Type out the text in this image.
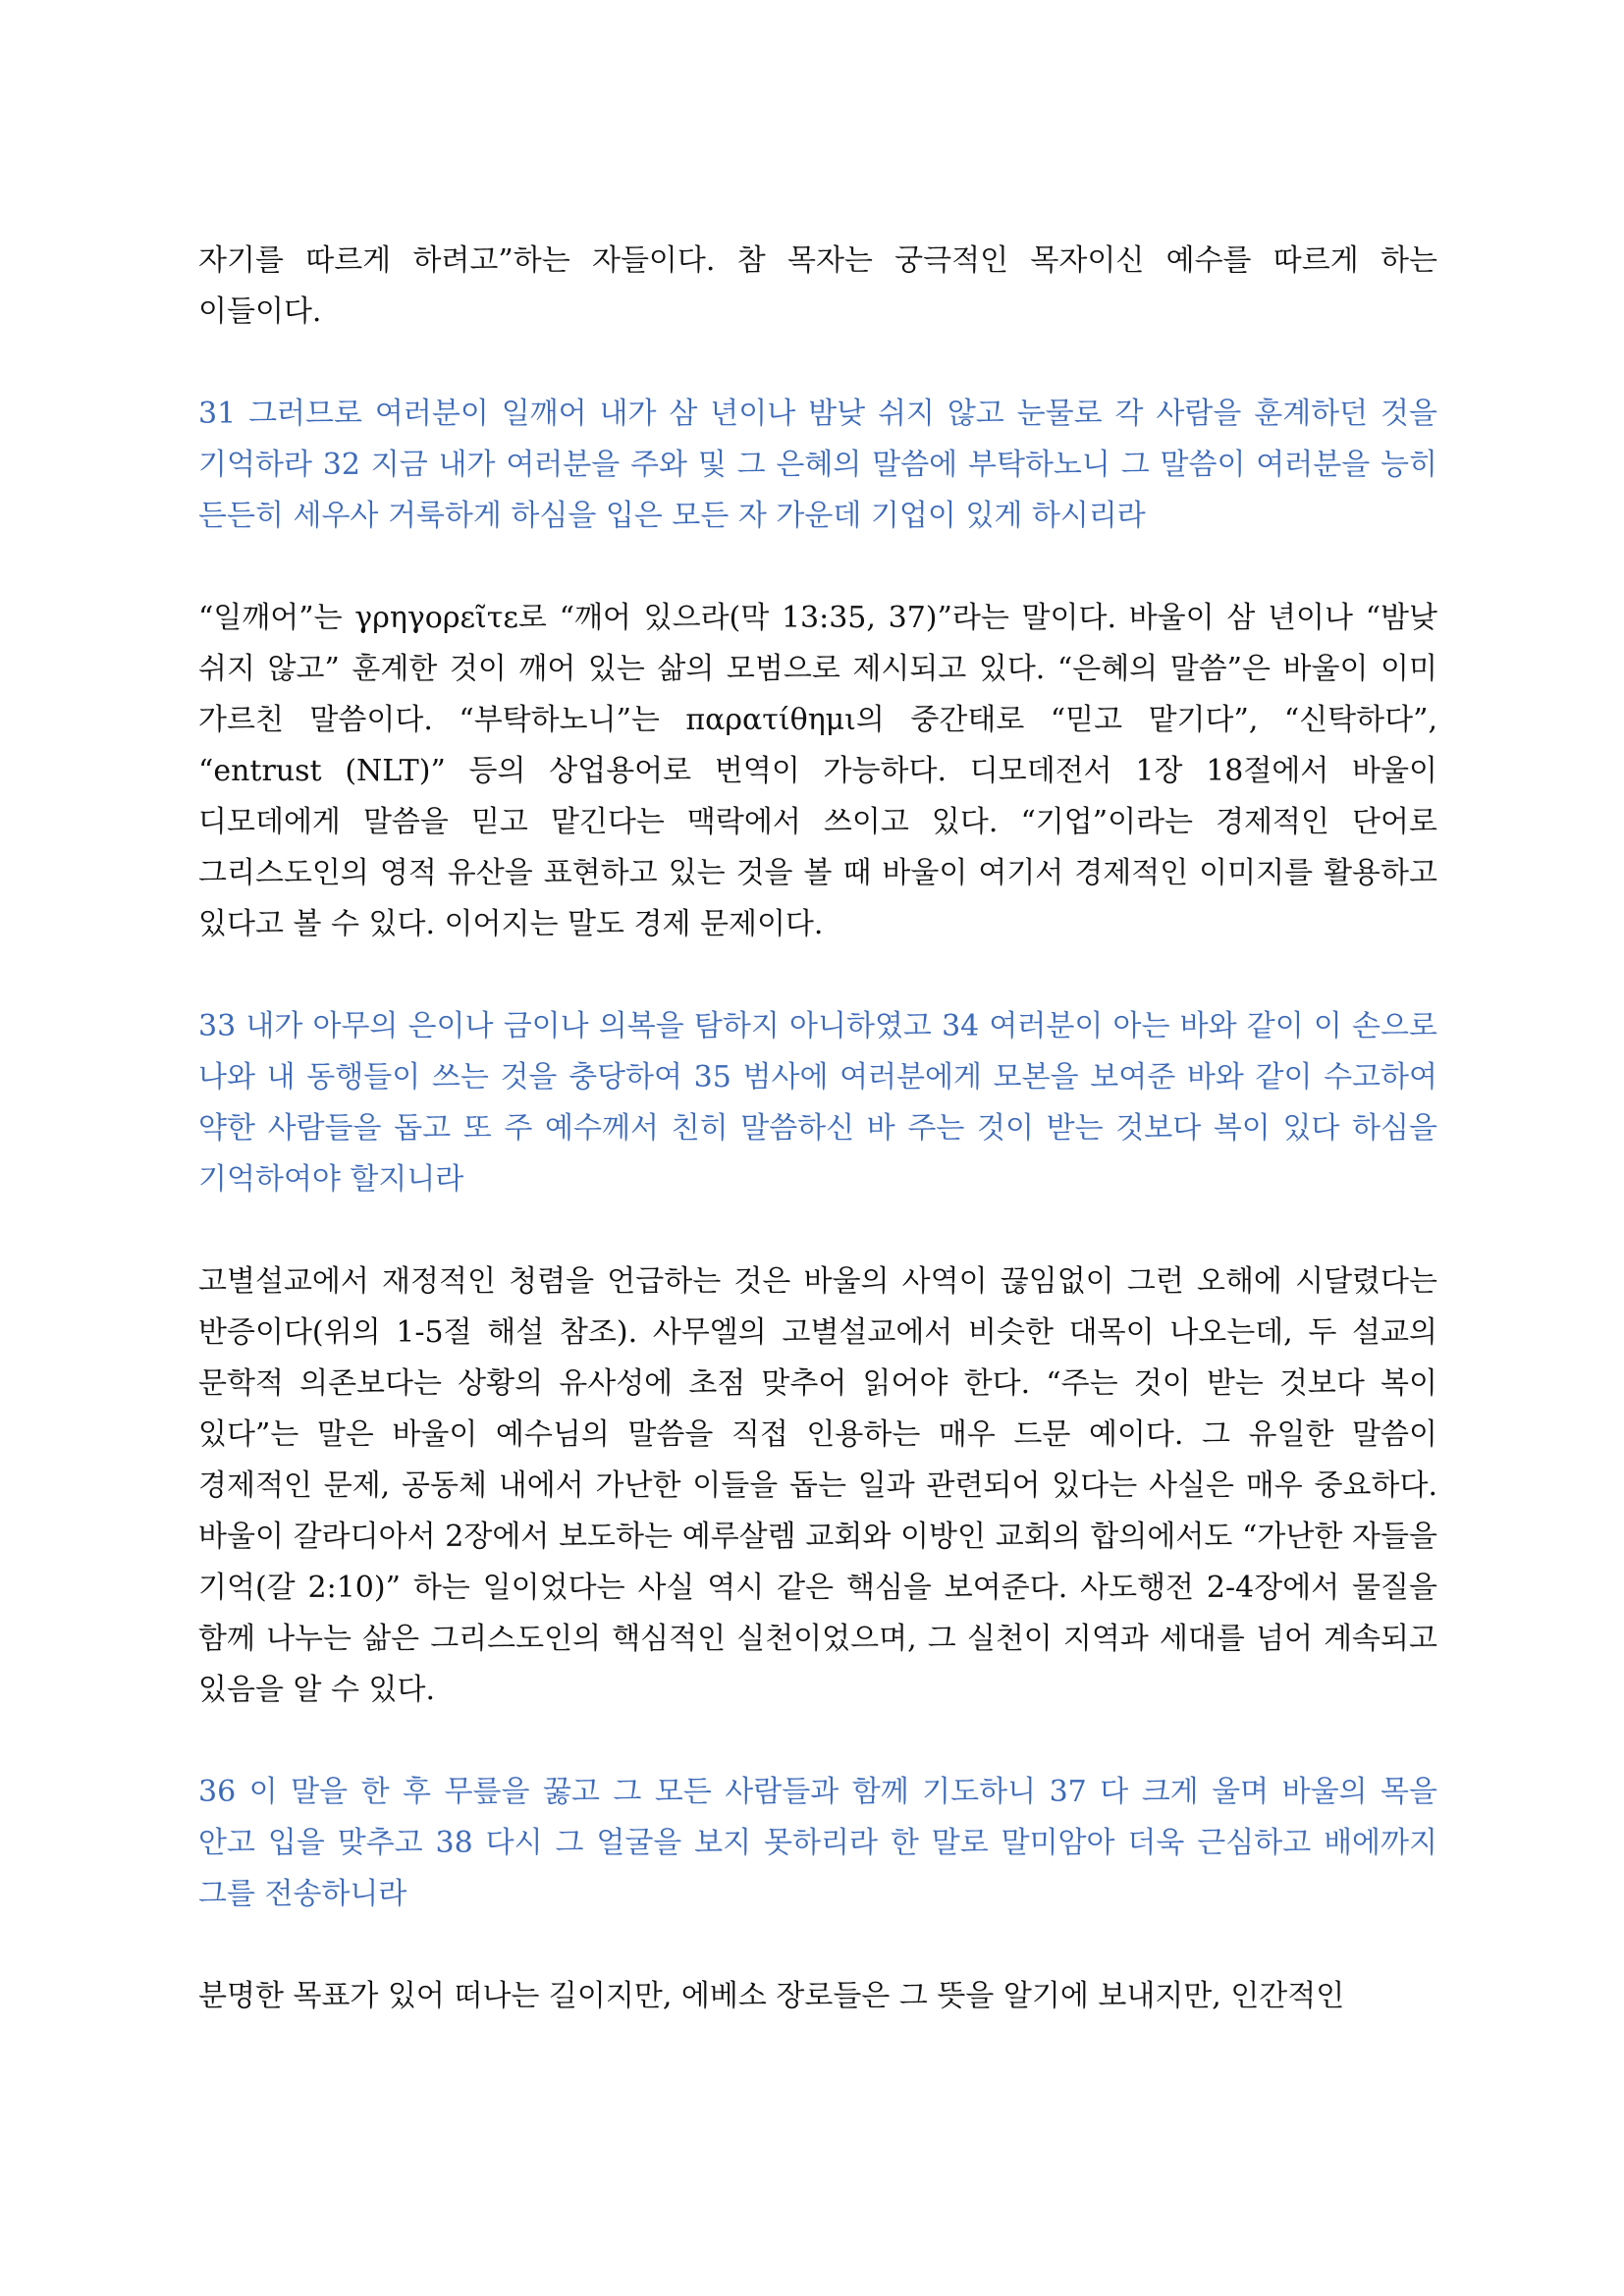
자기를 따르게 하려고”하는 자들이다. 참 목자는 궁극적인 목자이신 예수를 따르게 하는 이들이다.

31 그러므로 여러분이 일깨어 내가 삼 년이나 밤낮 쉬지 않고 눈물로 각 사람을 훈계하던 것을 기억하라 32 지금 내가 여러분을 주와 및 그 은혜의 말씀에 부탁하노니 그 말씀이 여러분을 능히 든든히 세우사 거룩하게 하심을 입은 모든 자 가운데 기업이 있게 하시리라

“일깨어”는 γρηγορεῖτε로 “깨어 있으라(막 13:35, 37)”라는 말이다. 바울이 삼 년이나 “밤낮 쉬지 않고” 훈계한 것이 깨어 있는 삶의 모범으로 제시되고 있다. “은혜의 말씀”은 바울이 이미 가르친 말씀이다. “부탁하노니”는 παρατίθημι의 중간태로 “믿고 맡기다”, “신탁하다”, “entrust (NLT)” 등의 상업용어로 번역이 가능하다. 디모데전서 1장 18절에서 바울이 디모데에게 말씀을 믿고 맡긴다는 맥락에서 쓰이고 있다. “기업”이라는 경제적인 단어로 그리스도인의 영적 유산을 표현하고 있는 것을 볼 때 바울이 여기서 경제적인 이미지를 활용하고 있다고 볼 수 있다. 이어지는 말도 경제 문제이다.

33 내가 아무의 은이나 금이나 의복을 탐하지 아니하였고 34 여러분이 아는 바와 같이 이 손으로 나와 내 동행들이 쓰는 것을 충당하여 35 범사에 여러분에게 모본을 보여준 바와 같이 수고하여 약한 사람들을 돕고 또 주 예수께서 친히 말씀하신 바 주는 것이 받는 것보다 복이 있다 하심을 기억하여야 할지니라

고별설교에서 재정적인 청렴을 언급하는 것은 바울의 사역이 끊임없이 그런 오해에 시달렸다는 반증이다(위의 1-5절 해설 참조). 사무엘의 고별설교에서 비슷한 대목이 나오는데, 두 설교의 문학적 의존보다는 상황의 유사성에 초점 맞추어 읽어야 한다. “주는 것이 받는 것보다 복이 있다”는 말은 바울이 예수님의 말씀을 직접 인용하는 매우 드문 예이다. 그 유일한 말씀이 경제적인 문제, 공동체 내에서 가난한 이들을 돕는 일과 관련되어 있다는 사실은 매우 중요하다. 바울이 갈라디아서 2장에서 보도하는 예루살렘 교회와 이방인 교회의 합의에서도 “가난한 자들을 기억(갈 2:10)” 하는 일이었다는 사실 역시 같은 핵심을 보여준다. 사도행전 2-4장에서 물질을 함께 나누는 삶은 그리스도인의 핵심적인 실천이었으며, 그 실천이 지역과 세대를 넘어 계속되고 있음을 알 수 있다.

36 이 말을 한 후 무릎을 꿇고 그 모든 사람들과 함께 기도하니 37 다 크게 울며 바울의 목을 안고 입을 맞추고 38 다시 그 얼굴을 보지 못하리라 한 말로 말미암아 더욱 근심하고 배에까지 그를 전송하니라

분명한 목표가 있어 떠나는 길이지만, 에베소 장로들은 그 뜻을 알기에 보내지만, 인간적인
